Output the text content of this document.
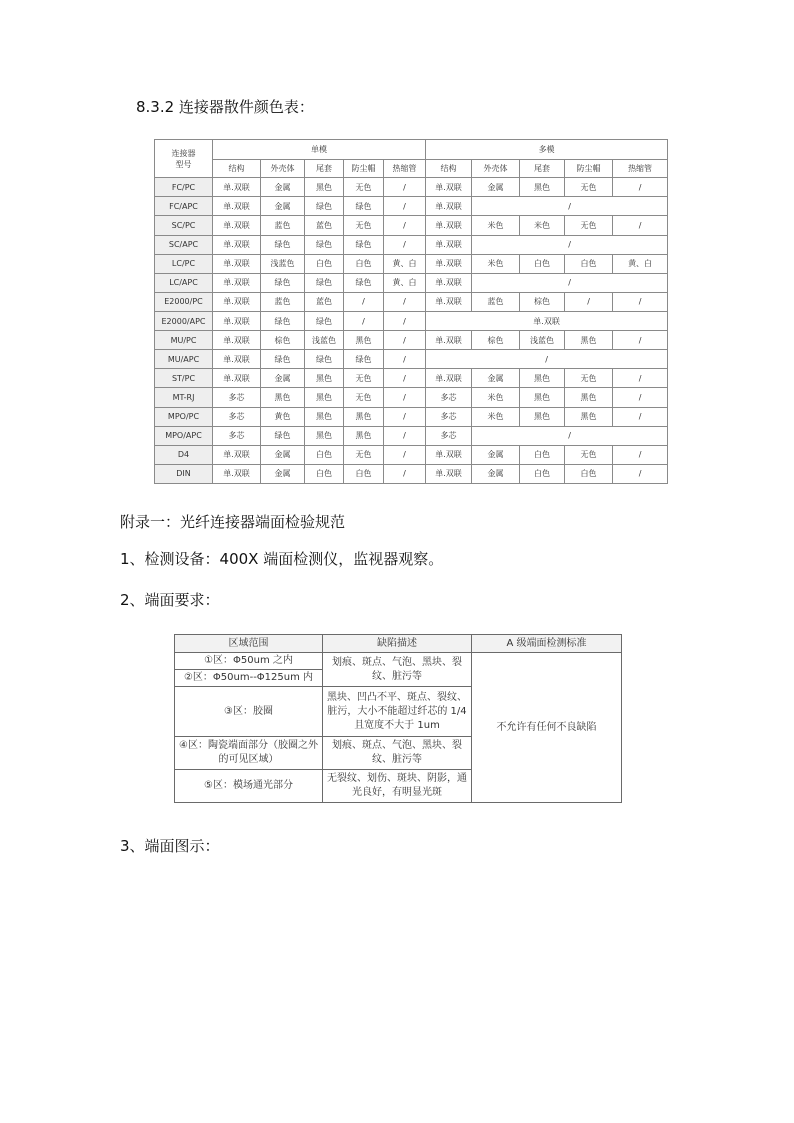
8.3.2 连接器散件颜色表：
连接器
型号	单模					多模				
	结构	外壳体	尾套	防尘帽	热缩管	结构	外壳体	尾套	防尘帽	热缩管
FC/PC	单.双联	金属	黑色	无色	/	单.双联	金属	黑色	无色	/
FC/APC	单.双联	金属	绿色	绿色	/	单.双联	/			
SC/PC	单.双联	蓝色	蓝色	无色	/	单.双联	米色	米色	无色	/
SC/APC	单.双联	绿色	绿色	绿色	/	单.双联	/			
LC/PC	单.双联	浅蓝色	白色	白色	黄、白	单.双联	米色	白色	白色	黄、白
LC/APC	单.双联	绿色	绿色	绿色	黄、白	单.双联	/			
E2000/PC	单.双联	蓝色	蓝色	/	/	单.双联	蓝色	棕色	/	/
E2000/APC	单.双联	绿色	绿色	/	/	单.双联				
MU/PC	单.双联	棕色	浅蓝色	黑色	/	单.双联	棕色	浅蓝色	黑色	/
MU/APC	单.双联	绿色	绿色	绿色	/	/				
ST/PC	单.双联	金属	黑色	无色	/	单.双联	金属	黑色	无色	/
MT-RJ	多芯	黑色	黑色	无色	/	多芯	米色	黑色	黑色	/
MPO/PC	多芯	黄色	黑色	黑色	/	多芯	米色	黑色	黑色	/
MPO/APC	多芯	绿色	黑色	黑色	/	多芯	/			
D4	单.双联	金属	白色	无色	/	单.双联	金属	白色	无色	/
DIN	单.双联	金属	白色	白色	/	单.双联	金属	白色	白色	/
附录一：光纤连接器端面检验规范
1、检测设备：400X 端面检测仪，监视器观察。
2、端面要求：
区域范围	缺陷描述	A 级端面检测标准
①区：Φ50um 之内	划痕、斑点、气泡、黑块、裂纹、脏污等	不允许有任何不良缺陷
②区：Φ50um--Φ125um 内		
③区：胶圈	黑块、凹凸不平、斑点、裂纹、脏污，大小不能超过纤芯的 1/4 且宽度不大于 1um	
④区：陶瓷端面部分（胶圈之外的可见区域）	划痕、斑点、气泡、黑块、裂纹、脏污等	
⑤区：模场通光部分	无裂纹、划伤、斑块、阴影，通光良好，有明显光斑	
3、端面图示：
